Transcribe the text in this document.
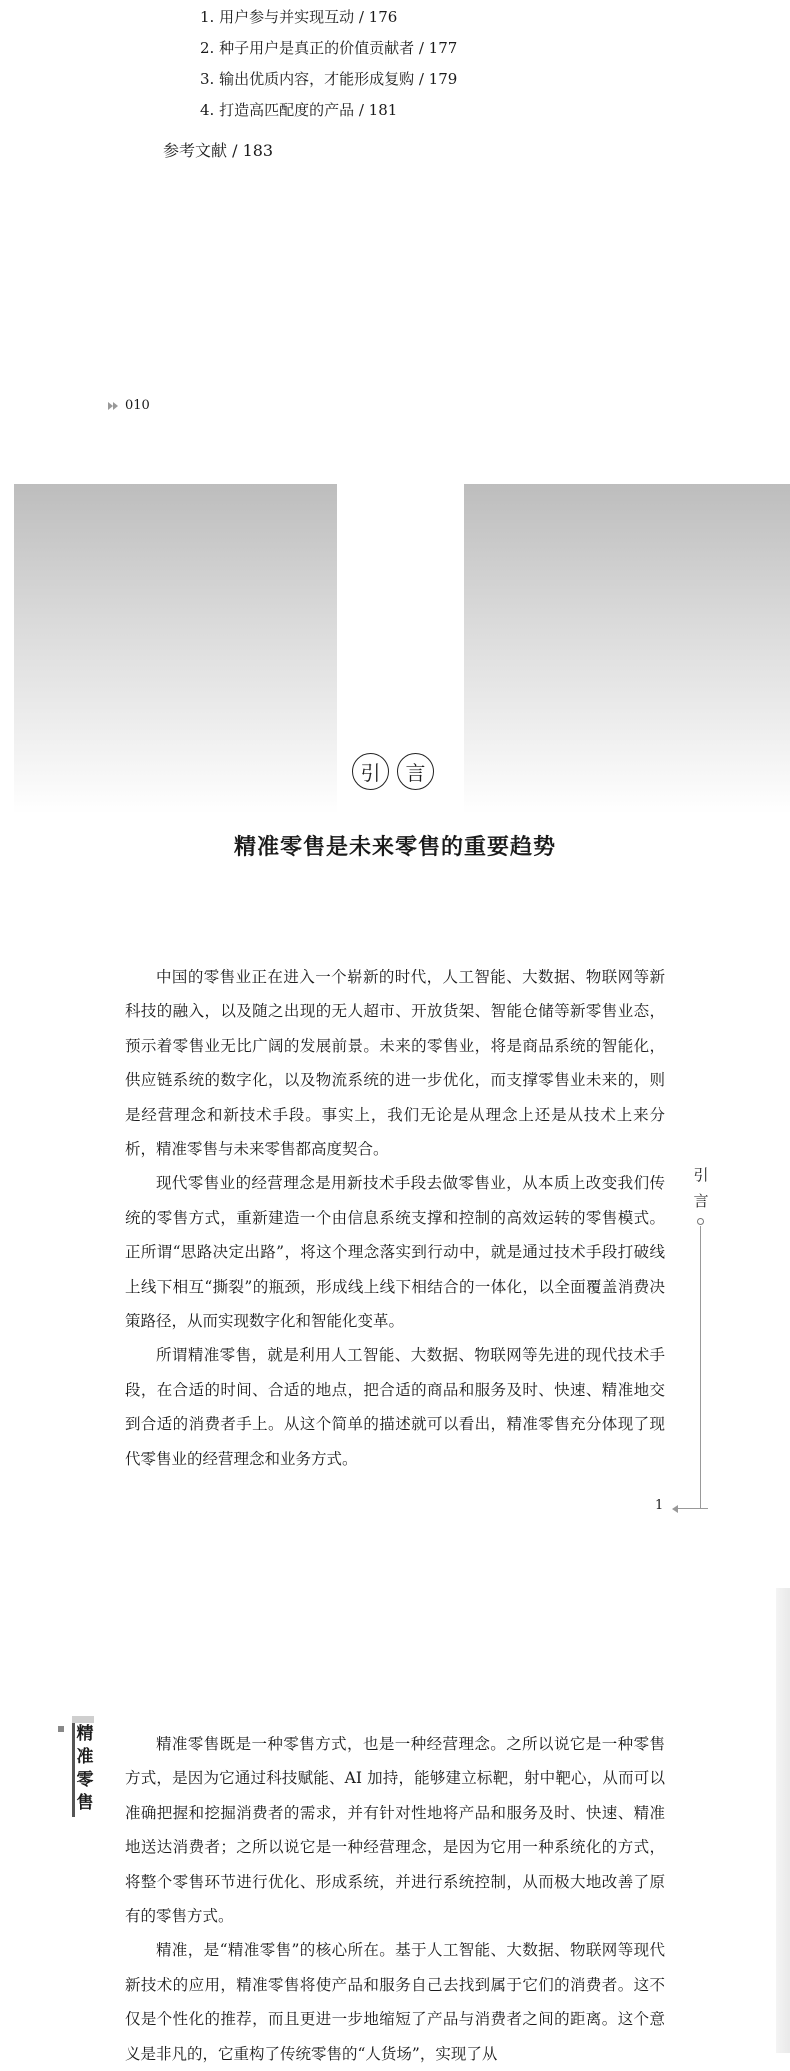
1. 用户参与并实现互动 / 176
2. 种子用户是真正的价值贡献者 / 177
3. 输出优质内容，才能形成复购 / 179
4. 打造高匹配度的产品 / 181
参考文献 / 183
010
引	言
精准零售是未来零售的重要趋势

中国的零售业正在进入一个崭新的时代，人工智能、大数据、物联网等新科技的融入，以及随之出现的无人超市、开放货架、智能仓储等新零售业态，预示着零售业无比广阔的发展前景。未来的零售业，将是商品系统的智能化，供应链系统的数字化，以及物流系统的进一步优化，而支撑零售业未来的，则是经营理念和新技术手段。事实上，我们无论是从理念上还是从技术上来分析，精准零售与未来零售都高度契合。

现代零售业的经营理念是用新技术手段去做零售业，从本质上改变我们传统的零售方式，重新建造一个由信息系统支撑和控制的高效运转的零售模式。正所谓“思路决定出路”，将这个理念落实到行动中，就是通过技术手段打破线上线下相互“撕裂”的瓶颈，形成线上线下相结合的一体化，以全面覆盖消费决策路径，从而实现数字化和智能化变革。

所谓精准零售，就是利用人工智能、大数据、物联网等先进的现代技术手段，在合适的时间、合适的地点，把合适的商品和服务及时、快速、精准地交到合适的消费者手上。从这个简单的描述就可以看出，精准零售充分体现了现代零售业的经营理念和业务方式。

引
言
1
精
准
零
售

精准零售既是一种零售方式，也是一种经营理念。之所以说它是一种零售方式，是因为它通过科技赋能、AI 加持，能够建立标靶，射中靶心，从而可以准确把握和挖掘消费者的需求，并有针对性地将产品和服务及时、快速、精准地送达消费者；之所以说它是一种经营理念，是因为它用一种系统化的方式，将整个零售环节进行优化、形成系统，并进行系统控制，从而极大地改善了原有的零售方式。

精准，是“精准零售”的核心所在。基于人工智能、大数据、物联网等现代新技术的应用，精准零售将使产品和服务自己去找到属于它们的消费者。这不仅是个性化的推荐，而且更进一步地缩短了产品与消费者之间的距离。这个意义是非凡的，它重构了传统零售的“人货场”，实现了从
